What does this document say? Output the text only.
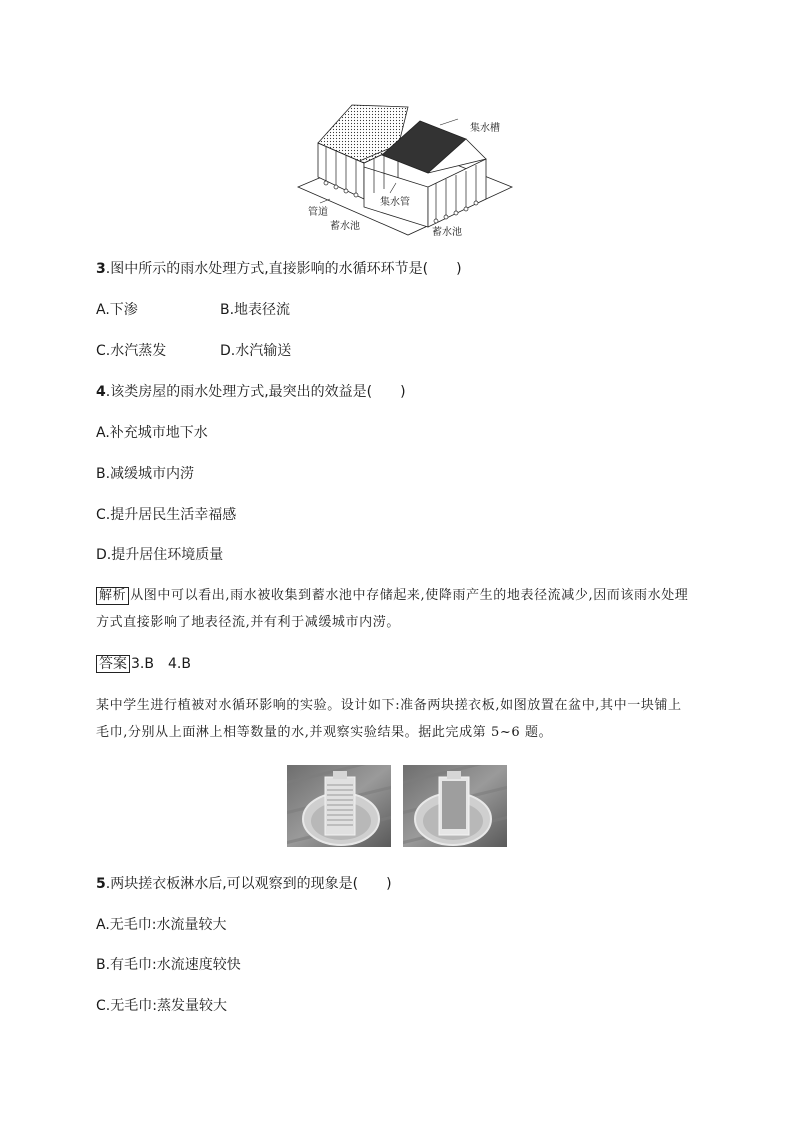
集水槽
集水管
管道
蓄水池
蓄水池
3.图中所示的雨水处理方式,直接影响的水循环环节是(　　)
A.下渗	B.地表径流
C.水汽蒸发	D.水汽输送
4.该类房屋的雨水处理方式,最突出的效益是(　　)
A.补充城市地下水
B.减缓城市内涝
C.提升居民生活幸福感
D.提升居住环境质量
解析 从图中可以看出,雨水被收集到蓄水池中存储起来,使降雨产生的地表径流减少,因而该雨水处理
方式直接影响了地表径流,并有利于减缓城市内涝。
答案 3.B　4.B
某中学生进行植被对水循环影响的实验。设计如下:准备两块搓衣板,如图放置在盆中,其中一块铺上
毛巾,分别从上面淋上相等数量的水,并观察实验结果。据此完成第 5~6 题。
5.两块搓衣板淋水后,可以观察到的现象是(　　)
A.无毛巾:水流量较大
B.有毛巾:水流速度较快
C.无毛巾:蒸发量较大
